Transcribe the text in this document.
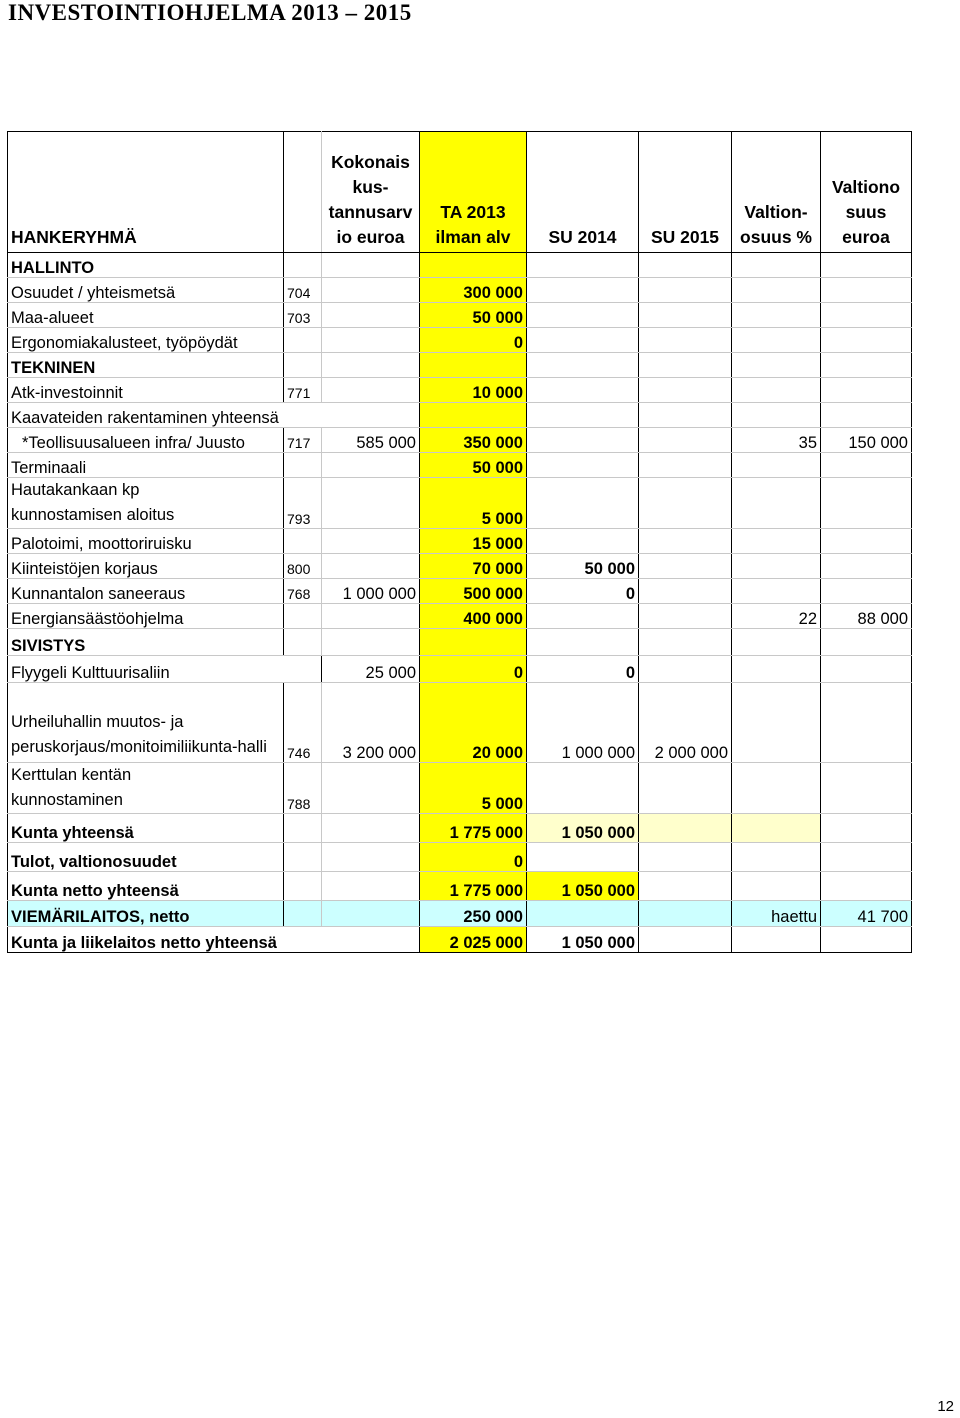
INVESTOINTIOHJELMA 2013 – 2015
HANKERYHMÄ		Kokonais kus-tannusarv io euroa	TA 2013 ilman alv	SU 2014	SU 2015	Valtion-osuus %	Valtiono suus euroa
HALLINTO							
Osuudet / yhteismetsä	704		300 000				
Maa-alueet	703		50 000				
Ergonomiakalusteet, työpöydät			0				
TEKNINEN							
Atk-investoinnit	771		10 000				
Kaavateiden rakentaminen yhteensä							
*Teollisuusalueen infra/ Juusto	717	585 000	350 000			35	150 000
Terminaali			50 000				
Hautakankaan kp kunnostamisen aloitus	793		5 000				
Palotoimi, moottoriruisku			15 000				
Kiinteistöjen korjaus	800		70 000	50 000			
Kunnantalon saneeraus	768	1 000 000	500 000	0			
Energiansäästöohjelma			400 000			22	88 000
SIVISTYS							
Flyygeli Kulttuurisaliin		25 000	0	0			
Urheiluhallin muutos- ja peruskorjaus/monitoimiliikunta-halli	746	3 200 000	20 000	1 000 000	2 000 000		
Kerttulan kentän kunnostaminen	788		5 000				
Kunta yhteensä			1 775 000	1 050 000			
Tulot, valtionosuudet			0				
Kunta netto yhteensä			1 775 000	1 050 000			
VIEMÄRILAITOS, netto			250 000			haettu	41 700
Kunta ja liikelaitos netto yhteensä			2 025 000	1 050 000			
12
